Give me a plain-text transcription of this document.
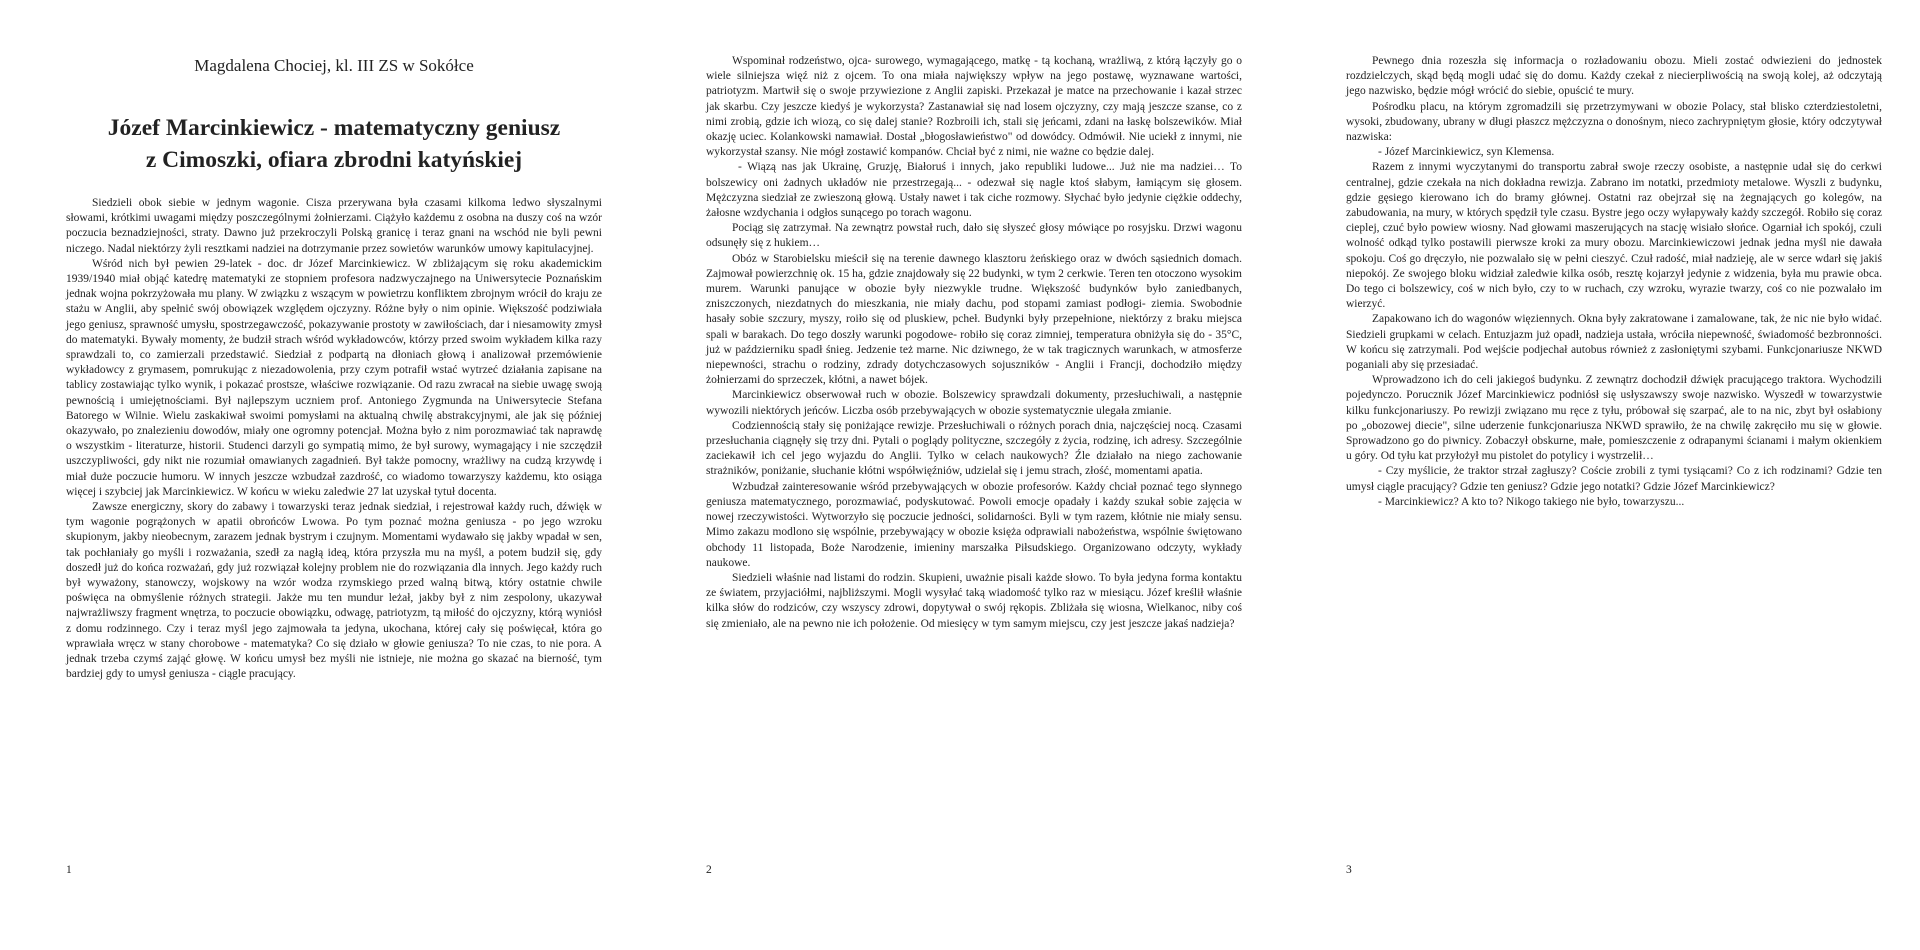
Magdalena Chociej, kl. III ZS w Sokółce
Józef Marcinkiewicz - matematyczny geniusz
z Cimoszki, ofiara zbrodni katyńskiej

Siedzieli obok siebie w jednym wagonie. Cisza przerywana była czasami kilkoma ledwo słyszalnymi słowami, krótkimi uwagami między poszczególnymi żołnierzami. Ciążyło każdemu z osobna na duszy coś na wzór poczucia beznadziejności, straty. Dawno już przekroczyli Polską granicę i teraz gnani na wschód nie byli pewni niczego. Nadal niektórzy żyli resztkami nadziei na dotrzymanie przez sowietów warunków umowy kapitulacyjnej.

Wśród nich był pewien 29-latek - doc. dr Józef Marcinkiewicz. W zbliżającym się roku akademickim 1939/1940 miał objąć katedrę matematyki ze stopniem profesora nadzwyczajnego na Uniwersytecie Poznańskim jednak wojna pokrzyżowała mu plany. W związku z wszącym w powietrzu konfliktem zbrojnym wrócił do kraju ze stażu w Anglii, aby spełnić swój obowiązek względem ojczyzny. Różne były o nim opinie. Większość podziwiała jego geniusz, sprawność umysłu, spostrzegawczość, pokazywanie prostoty w zawiłościach, dar i niesamowity zmysł do matematyki. Bywały momenty, że budził strach wśród wykładowców, którzy przed swoim wykładem kilka razy sprawdzali to, co zamierzali przedstawić. Siedział z podpartą na dłoniach głową i analizował przemówienie wykładowcy z grymasem, pomrukując z niezadowolenia, przy czym potrafił wstać wytrzeć działania zapisane na tablicy zostawiając tylko wynik, i pokazać prostsze, właściwe rozwiązanie. Od razu zwracał na siebie uwagę swoją pewnością i umiejętnościami. Był najlepszym uczniem prof. Antoniego Zygmunda na Uniwersytecie Stefana Batorego w Wilnie. Wielu zaskakiwał swoimi pomysłami na aktualną chwilę abstrakcyjnymi, ale jak się później okazywało, po znalezieniu dowodów, miały one ogromny potencjał. Można było z nim porozmawiać tak naprawdę o wszystkim - literaturze, historii. Studenci darzyli go sympatią mimo, że był surowy, wymagający i nie szczędził uszczypliwości, gdy nikt nie rozumiał omawianych zagadnień. Był także pomocny, wrażliwy na cudzą krzywdę i miał duże poczucie humoru. W innych jeszcze wzbudzał zazdrość, co wiadomo towarzyszy każdemu, kto osiąga więcej i szybciej jak Marcinkiewicz. W końcu w wieku zaledwie 27 lat uzyskał tytuł docenta.

Zawsze energiczny, skory do zabawy i towarzyski teraz jednak siedział, i rejestrował każdy ruch, dźwięk w tym wagonie pogrążonych w apatii obrońców Lwowa. Po tym poznać można geniusza - po jego wzroku skupionym, jakby nieobecnym, zarazem jednak bystrym i czujnym. Momentami wydawało się jakby wpadał w sen, tak pochłaniały go myśli i rozważania, szedł za nagłą ideą, która przyszła mu na myśl, a potem budził się, gdy doszedł już do końca rozważań, gdy już rozwiązał kolejny problem nie do rozwiązania dla innych. Jego każdy ruch był wyważony, stanowczy, wojskowy na wzór wodza rzymskiego przed walną bitwą, który ostatnie chwile poświęca na obmyślenie różnych strategii. Jakże mu ten mundur leżał, jakby był z nim zespolony, ukazywał najwrażliwszy fragment wnętrza, to poczucie obowiązku, odwagę, patriotyzm, tą miłość do ojczyzny, którą wyniósł z domu rodzinnego. Czy i teraz myśl jego zajmowała ta jedyna, ukochana, której cały się poświęcał, która go wprawiała wręcz w stany chorobowe - matematyka? Co się działo w głowie geniusza? To nie czas, to nie pora. A jednak trzeba czymś zająć głowę. W końcu umysł bez myśli nie istnieje, nie można go skazać na bierność, tym bardziej gdy to umysł geniusza - ciągle pracujący.

1

Wspominał rodzeństwo, ojca- surowego, wymagającego, matkę - tą kochaną, wrażliwą, z którą łączyły go o wiele silniejsza więź niż z ojcem. To ona miała największy wpływ na jego postawę, wyznawane wartości, patriotyzm. Martwił się o swoje przywiezione z Anglii zapiski. Przekazał je matce na przechowanie i kazał strzec jak skarbu. Czy jeszcze kiedyś je wykorzysta? Zastanawiał się nad losem ojczyzny, czy mają jeszcze szanse, co z nimi zrobią, gdzie ich wiozą, co się dalej stanie? Rozbroili ich, stali się jeńcami, zdani na łaskę bolszewików. Miał okazję uciec. Kolankowski namawiał. Dostał „błogosławieństwo" od dowódcy. Odmówił. Nie uciekł z innymi, nie wykorzystał szansy. Nie mógł zostawić kompanów. Chciał być z nimi, nie ważne co będzie dalej.

- Wiązą nas jak Ukrainę, Gruzję, Białoruś i innych, jako republiki ludowe... Już nie ma nadziei… To bolszewicy oni żadnych układów nie przestrzegają... - odezwał się nagle ktoś słabym, łamiącym się głosem. Mężczyzna siedział ze zwieszoną głową. Ustały nawet i tak ciche rozmowy. Słychać było jedynie ciężkie oddechy, żałosne wzdychania i odgłos sunącego po torach wagonu.

Pociąg się zatrzymał. Na zewnątrz powstał ruch, dało się słyszeć głosy mówiące po rosyjsku. Drzwi wagonu odsunęły się z hukiem…

Obóz w Starobielsku mieścił się na terenie dawnego klasztoru żeńskiego oraz w dwóch sąsiednich domach. Zajmował powierzchnię ok. 15 ha, gdzie znajdowały się 22 budynki, w tym 2 cerkwie. Teren ten otoczono wysokim murem. Warunki panujące w obozie były niezwykle trudne. Większość budynków było zaniedbanych, zniszczonych, niezdatnych do mieszkania, nie miały dachu, pod stopami zamiast podłogi- ziemia. Swobodnie hasały sobie szczury, myszy, roiło się od pluskiew, pcheł. Budynki były przepełnione, niektórzy z braku miejsca spali w barakach. Do tego doszły warunki pogodowe- robiło się coraz zimniej, temperatura obniżyła się do - 35°C, już w październiku spadł śnieg. Jedzenie też marne. Nic dziwnego, że w tak tragicznych warunkach, w atmosferze niepewności, strachu o rodziny, zdrady dotychczasowych sojuszników - Anglii i Francji, dochodziło między żołnierzami do sprzeczek, kłótni, a nawet bójek.

Marcinkiewicz obserwował ruch w obozie. Bolszewicy sprawdzali dokumenty, przesłuchiwali, a następnie wywozili niektórych jeńców. Liczba osób przebywających w obozie systematycznie ulegała zmianie.

Codziennością stały się poniżające rewizje. Przesłuchiwali o różnych porach dnia, najczęściej nocą. Czasami przesłuchania ciągnęły się trzy dni. Pytali o poglądy polityczne, szczegóły z życia, rodzinę, ich adresy. Szczególnie zaciekawił ich cel jego wyjazdu do Anglii. Tylko w celach naukowych? Źle działało na niego zachowanie strażników, poniżanie, słuchanie kłótni współwięźniów, udzielał się i jemu strach, złość, momentami apatia.

Wzbudzał zainteresowanie wśród przebywających w obozie profesorów. Każdy chciał poznać tego słynnego geniusza matematycznego, porozmawiać, podyskutować. Powoli emocje opadały i każdy szukał sobie zajęcia w nowej rzeczywistości. Wytworzyło się poczucie jedności, solidarności. Byli w tym razem, kłótnie nie miały sensu. Mimo zakazu modlono się wspólnie, przebywający w obozie księża odprawiali nabożeństwa, wspólnie świętowano obchody 11 listopada, Boże Narodzenie, imieniny marszałka Piłsudskiego. Organizowano odczyty, wykłady naukowe.

Siedzieli właśnie nad listami do rodzin. Skupieni, uważnie pisali każde słowo. To była jedyna forma kontaktu ze światem, przyjaciółmi, najbliższymi. Mogli wysyłać taką wiadomość tylko raz w miesiącu. Józef kreślił właśnie kilka słów do rodziców, czy wszyscy zdrowi, dopytywał o swój rękopis. Zbliżała się wiosna, Wielkanoc, niby coś się zmieniało, ale na pewno nie ich położenie. Od miesięcy w tym samym miejscu, czy jest jeszcze jakaś nadzieja?

2

Pewnego dnia rozeszła się informacja o rozładowaniu obozu. Mieli zostać odwiezieni do jednostek rozdzielczych, skąd będą mogli udać się do domu. Każdy czekał z niecierpliwością na swoją kolej, aż odczytają jego nazwisko, będzie mógł wrócić do siebie, opuścić te mury.

Pośrodku placu, na którym zgromadzili się przetrzymywani w obozie Polacy, stał blisko czterdziestoletni, wysoki, zbudowany, ubrany w długi płaszcz mężczyzna o donośnym, nieco zachrypniętym głosie, który odczytywał nazwiska:

- Józef Marcinkiewicz, syn Klemensa.

Razem z innymi wyczytanymi do transportu zabrał swoje rzeczy osobiste, a następnie udał się do cerkwi centralnej, gdzie czekała na nich dokładna rewizja. Zabrano im notatki, przedmioty metalowe. Wyszli z budynku, gdzie gęsiego kierowano ich do bramy głównej. Ostatni raz obejrzał się na żegnających go kolegów, na zabudowania, na mury, w których spędził tyle czasu. Bystre jego oczy wyłapywały każdy szczegół. Robiło się coraz cieplej, czuć było powiew wiosny. Nad głowami maszerujących na stację wisiało słońce. Ogarniał ich spokój, czuli wolność odkąd tylko postawili pierwsze kroki za mury obozu. Marcinkiewiczowi jednak jedna myśl nie dawała spokoju. Coś go dręczyło, nie pozwalało się w pełni cieszyć. Czuł radość, miał nadzieję, ale w serce wdarł się jakiś niepokój. Ze swojego bloku widział zaledwie kilka osób, resztę kojarzył jedynie z widzenia, była mu prawie obca. Do tego ci bolszewicy, coś w nich było, czy to w ruchach, czy wzroku, wyrazie twarzy, coś co nie pozwalało im wierzyć.

Zapakowano ich do wagonów więziennych. Okna były zakratowane i zamalowane, tak, że nic nie było widać. Siedzieli grupkami w celach. Entuzjazm już opadł, nadzieja ustała, wróciła niepewność, świadomość bezbronności. W końcu się zatrzymali. Pod wejście podjechał autobus również z zasłoniętymi szybami. Funkcjonariusze NKWD poganiali aby się przesiadać.

Wprowadzono ich do celi jakiegoś budynku. Z zewnątrz dochodził dźwięk pracującego traktora. Wychodzili pojedynczo. Porucznik Józef Marcinkiewicz podniósł się usłyszawszy swoje nazwisko. Wyszedł w towarzystwie kilku funkcjonariuszy. Po rewizji związano mu ręce z tyłu, próbował się szarpać, ale to na nic, zbyt był osłabiony po „obozowej diecie", silne uderzenie funkcjonariusza NKWD sprawiło, że na chwilę zakręciło mu się w głowie. Sprowadzono go do piwnicy. Zobaczył obskurne, małe, pomieszczenie z odrapanymi ścianami i małym okienkiem u góry. Od tyłu kat przyłożył mu pistolet do potylicy i wystrzelił…

- Czy myślicie, że traktor strzał zagłuszy? Coście zrobili z tymi tysiącami? Co z ich rodzinami? Gdzie ten umysł ciągle pracujący? Gdzie ten geniusz? Gdzie jego notatki? Gdzie Józef Marcinkiewicz?

- Marcinkiewicz? A kto to? Nikogo takiego nie było, towarzyszu...

3
